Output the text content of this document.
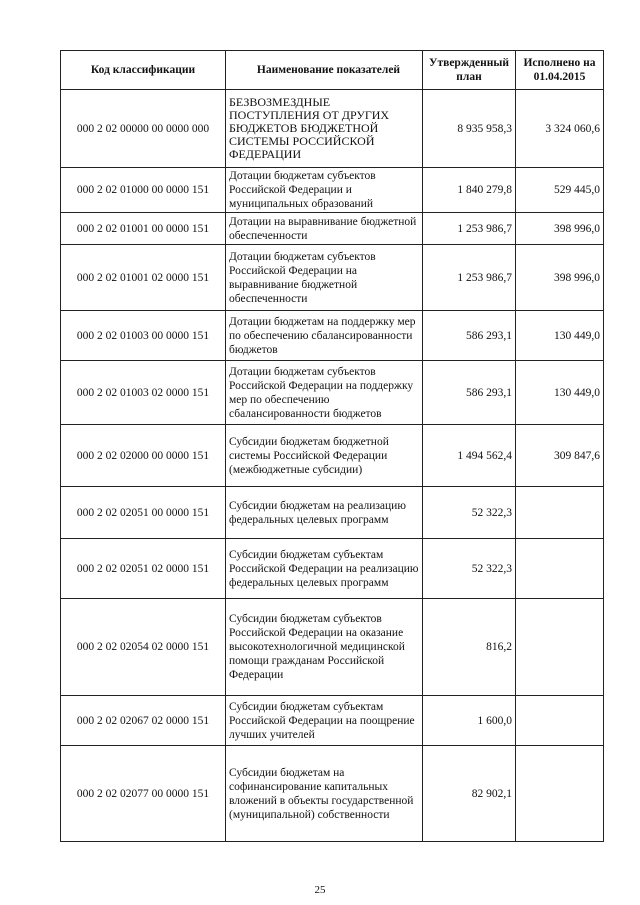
Код классификации	Наименование показателей	Утвержденный план	Исполнено на 01.04.2015
000 2 02 00000 00 0000 000	БЕЗВОЗМЕЗДНЫЕ ПОСТУПЛЕНИЯ ОТ ДРУГИХ БЮДЖЕТОВ БЮДЖЕТНОЙ СИСТЕМЫ РОССИЙСКОЙ ФЕДЕРАЦИИ	8 935 958,3	3 324 060,6
000 2 02 01000 00 0000 151	Дотации бюджетам субъектов Российской Федерации и муниципальных образований	1 840 279,8	529 445,0
000 2 02 01001 00 0000 151	Дотации на выравнивание бюджетной обеспеченности	1 253 986,7	398 996,0
000 2 02 01001 02 0000 151	Дотации бюджетам субъектов Российской Федерации на выравнивание бюджетной обеспеченности	1 253 986,7	398 996,0
000 2 02 01003 00 0000 151	Дотации бюджетам на поддержку мер по обеспечению сбалансированности бюджетов	586 293,1	130 449,0
000 2 02 01003 02 0000 151	Дотации бюджетам субъектов Российской Федерации на поддержку мер по обеспечению сбалансированности бюджетов	586 293,1	130 449,0
000 2 02 02000 00 0000 151	Субсидии бюджетам бюджетной системы Российской Федерации (межбюджетные субсидии)	1 494 562,4	309 847,6
000 2 02 02051 00 0000 151	Субсидии бюджетам на реализацию федеральных целевых программ	52 322,3	
000 2 02 02051 02 0000 151	Субсидии бюджетам субъектам Российской Федерации на реализацию федеральных целевых программ	52 322,3	
000 2 02 02054 02 0000 151	Субсидии бюджетам субъектов Российской Федерации на оказание высокотехнологичной медицинской помощи гражданам Российской Федерации	816,2	
000 2 02 02067 02 0000 151	Субсидии бюджетам субъектам Российской Федерации на поощрение лучших учителей	1 600,0	
000 2 02 02077 00 0000 151	Субсидии бюджетам на софинансирование капитальных вложений в объекты государственной (муниципальной) собственности	82 902,1	
25
